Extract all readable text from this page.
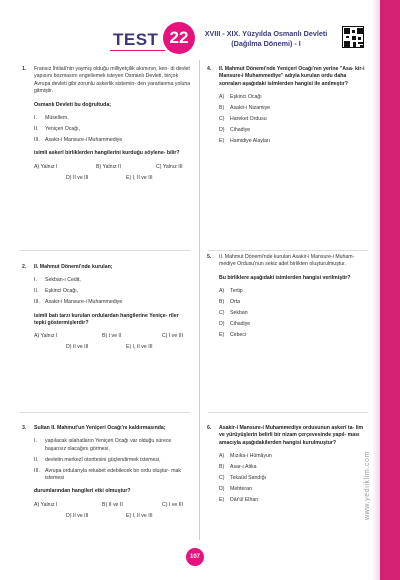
TEST 22	XVIII - XIX. Yüzyılda Osmanlı Devleti
(Dağılma Dönemi) - I
www.yediiklim.com
1. Fransız İhtilali'nin yaymış olduğu milliyetçilik akımının, ken- di devlet yapısını bozmasını engellemek isteyen Osmanlı Devleti, birçok Avrupa devleti gibi zorunlu askerlik sistemin- den yararlanma yoluna gitmiştir.
Osmanlı Devleti bu doğrultuda;
I. Müsellem,
II. Yeniçeri Ocağı,
III. Asakir-i Mansure-i Muhammediye
isimli askerî birliklerden hangilerini kurduğu söylene- bilir?
A) Yalnız I	B) Yalnız II	C) Yalnız III
D) II ve III	E) I, II ve III
2. II. Mahmut Dönemi'nde kurulan;
I. Sekban-ı Cedit,
II. Eşkinci Ocağı,
III. Asakir-i Mansure-i Muhammediye
isimli batı tarzı kurulan ordulardan hangilerine Yeniçe- riler tepki göstermişlerdir?
A) Yalnız I	B) I ve II	C) I ve III
D) II ve III	E) I, II ve III
3. Sultan II. Mahmut'un Yeniçeri Ocağı'nı kaldırmasında;
I.	yapılacak ıslahatların Yeniçeri Ocağı var olduğu sürece başarısız olacağını görmesi,
II.	devletin merkezî otoritesini güçlendirmek istemesi,
III.	Avrupa ordularıyla rekabet edebilecek bir ordu oluştur- mak istemesi
durumlarından hangileri etki olmuştur?
A) Yalnız I	B) II ve II	C) I ve III
D) II ve III	E) I, II ve III
4. II. Mahmut Dönemi'nde Yeniçeri Ocağı'nın yerine "Asa- kir-i Mansure-i Muhammediye" adıyla kurulan ordu daha sonraları aşağıdaki isimlerden hangisi ile anılmıştır?
A) Eşkinci Ocağı
B) Asakir-i Nizamiye
C) Hareket Ordusu
D) Cihadiye
E) Hamidiye Alayları
5. II. Mahmut Dönemi'nde kurulan Asakir-i Mansure-i Muham- mediye Ordusu'nun sekiz adet birlikten oluşturulmuştur.
Bu birliklere aşağıdaki isimlerden hangisi verilmiştir?
A) Tertip
B) Orta
C) Sekban
D) Cihadiye
E) Cebeci
6. Asakir-i Mansure-i Muhammediye ordusunun askerî ta- lim ve yürüyüşlerin belirli bir nizam çerçevesinde yapıl- ması amacıyla aşağıdakilerden hangisi kurulmuştur?
A) Mızıka-i Hümâyun
B) Asar-ı Atika
C) Tekaüd Sandığı
D) Mehteran
E) Dâr'ül Elhan
107
